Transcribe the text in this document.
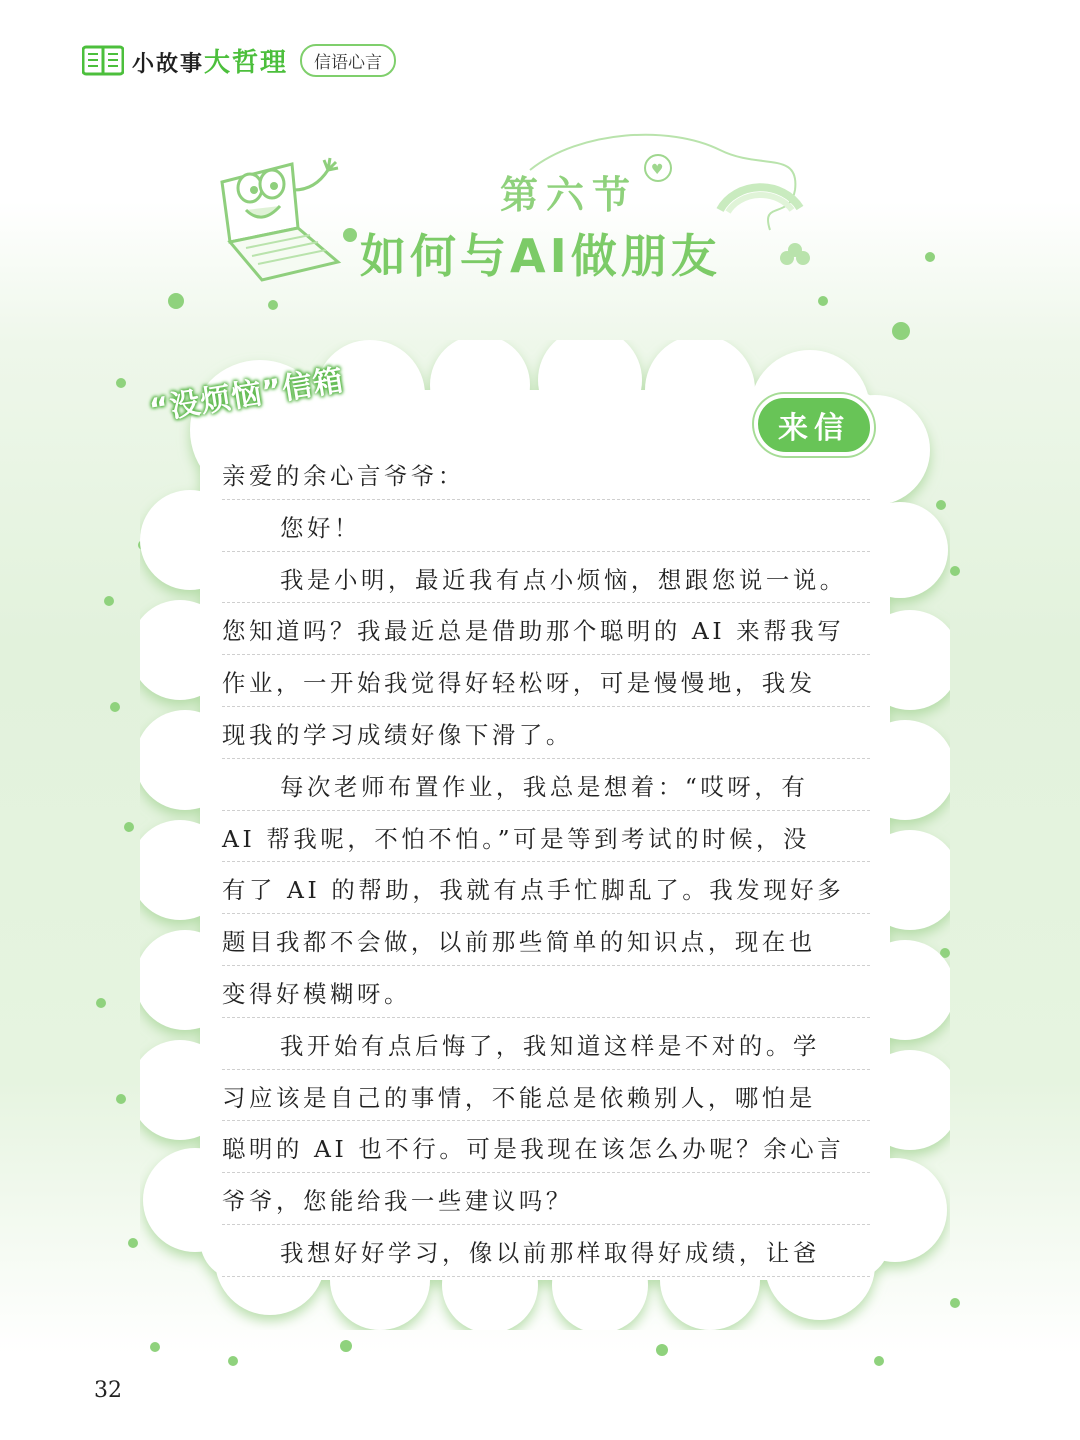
小故事大哲理	信语心言
♥
第六节
如何与AI做朋友
“没烦恼”信箱
来信
亲爱的余心言爷爷：
您好！
我是小明，最近我有点小烦恼，想跟您说一说。
您知道吗？我最近总是借助那个聪明的 AI 来帮我写
作业，一开始我觉得好轻松呀，可是慢慢地，我发
现我的学习成绩好像下滑了。
每次老师布置作业，我总是想着：“哎呀，有
AI 帮我呢，不怕不怕。”可是等到考试的时候，没
有了 AI 的帮助，我就有点手忙脚乱了。我发现好多
题目我都不会做，以前那些简单的知识点，现在也
变得好模糊呀。
我开始有点后悔了，我知道这样是不对的。学
习应该是自己的事情，不能总是依赖别人，哪怕是
聪明的 AI 也不行。可是我现在该怎么办呢？余心言
爷爷，您能给我一些建议吗？
我想好好学习，像以前那样取得好成绩，让爸
32
